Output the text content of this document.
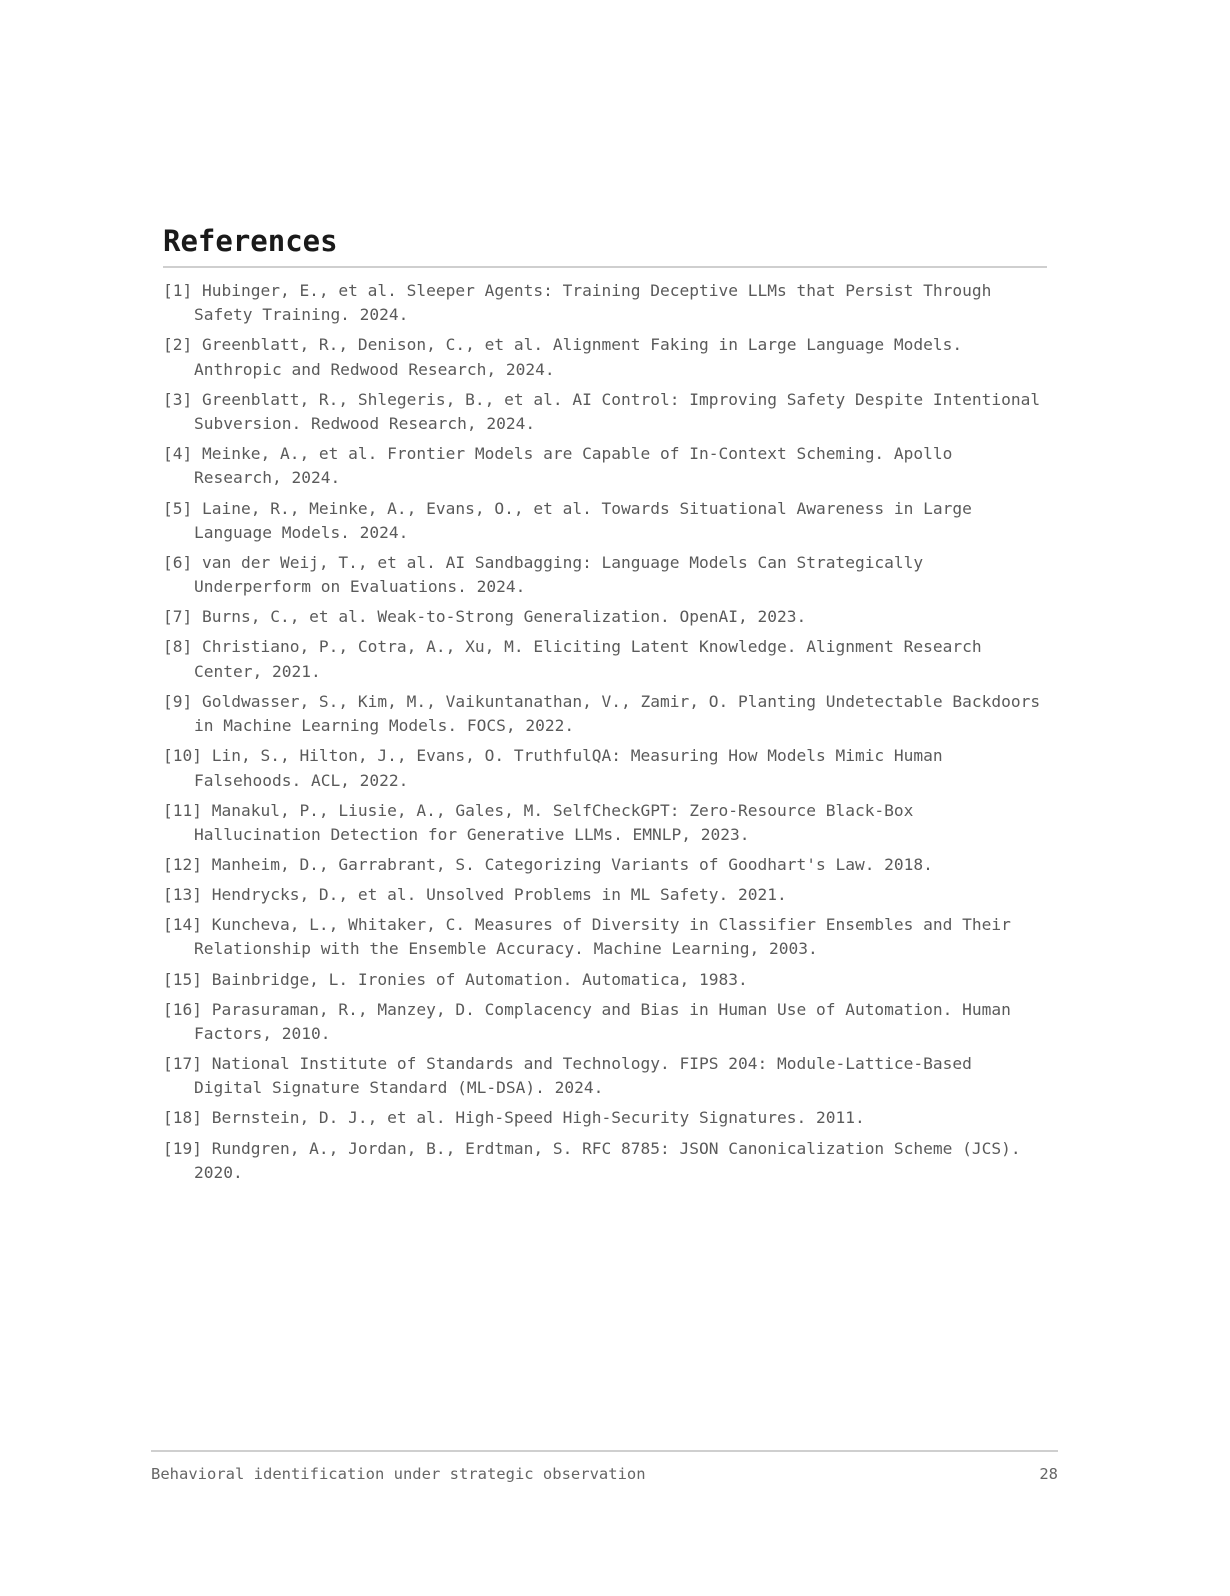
References
[1] Hubinger, E., et al. Sleeper Agents: Training Deceptive LLMs that Persist Through Safety Training. 2024.
[2] Greenblatt, R., Denison, C., et al. Alignment Faking in Large Language Models. Anthropic and Redwood Research, 2024.
[3] Greenblatt, R., Shlegeris, B., et al. AI Control: Improving Safety Despite Intentional Subversion. Redwood Research, 2024.
[4] Meinke, A., et al. Frontier Models are Capable of In-Context Scheming. Apollo Research, 2024.
[5] Laine, R., Meinke, A., Evans, O., et al. Towards Situational Awareness in Large Language Models. 2024.
[6] van der Weij, T., et al. AI Sandbagging: Language Models Can Strategically Underperform on Evaluations. 2024.
[7] Burns, C., et al. Weak-to-Strong Generalization. OpenAI, 2023.
[8] Christiano, P., Cotra, A., Xu, M. Eliciting Latent Knowledge. Alignment Research Center, 2021.
[9] Goldwasser, S., Kim, M., Vaikuntanathan, V., Zamir, O. Planting Undetectable Backdoors in Machine Learning Models. FOCS, 2022.
[10] Lin, S., Hilton, J., Evans, O. TruthfulQA: Measuring How Models Mimic Human Falsehoods. ACL, 2022.
[11] Manakul, P., Liusie, A., Gales, M. SelfCheckGPT: Zero-Resource Black-Box Hallucination Detection for Generative LLMs. EMNLP, 2023.
[12] Manheim, D., Garrabrant, S. Categorizing Variants of Goodhart's Law. 2018.
[13] Hendrycks, D., et al. Unsolved Problems in ML Safety. 2021.
[14] Kuncheva, L., Whitaker, C. Measures of Diversity in Classifier Ensembles and Their Relationship with the Ensemble Accuracy. Machine Learning, 2003.
[15] Bainbridge, L. Ironies of Automation. Automatica, 1983.
[16] Parasuraman, R., Manzey, D. Complacency and Bias in Human Use of Automation. Human Factors, 2010.
[17] National Institute of Standards and Technology. FIPS 204: Module-Lattice-Based Digital Signature Standard (ML-DSA). 2024.
[18] Bernstein, D. J., et al. High-Speed High-Security Signatures. 2011.
[19] Rundgren, A., Jordan, B., Erdtman, S. RFC 8785: JSON Canonicalization Scheme (JCS). 2020.
Behavioral identification under strategic observation	28
